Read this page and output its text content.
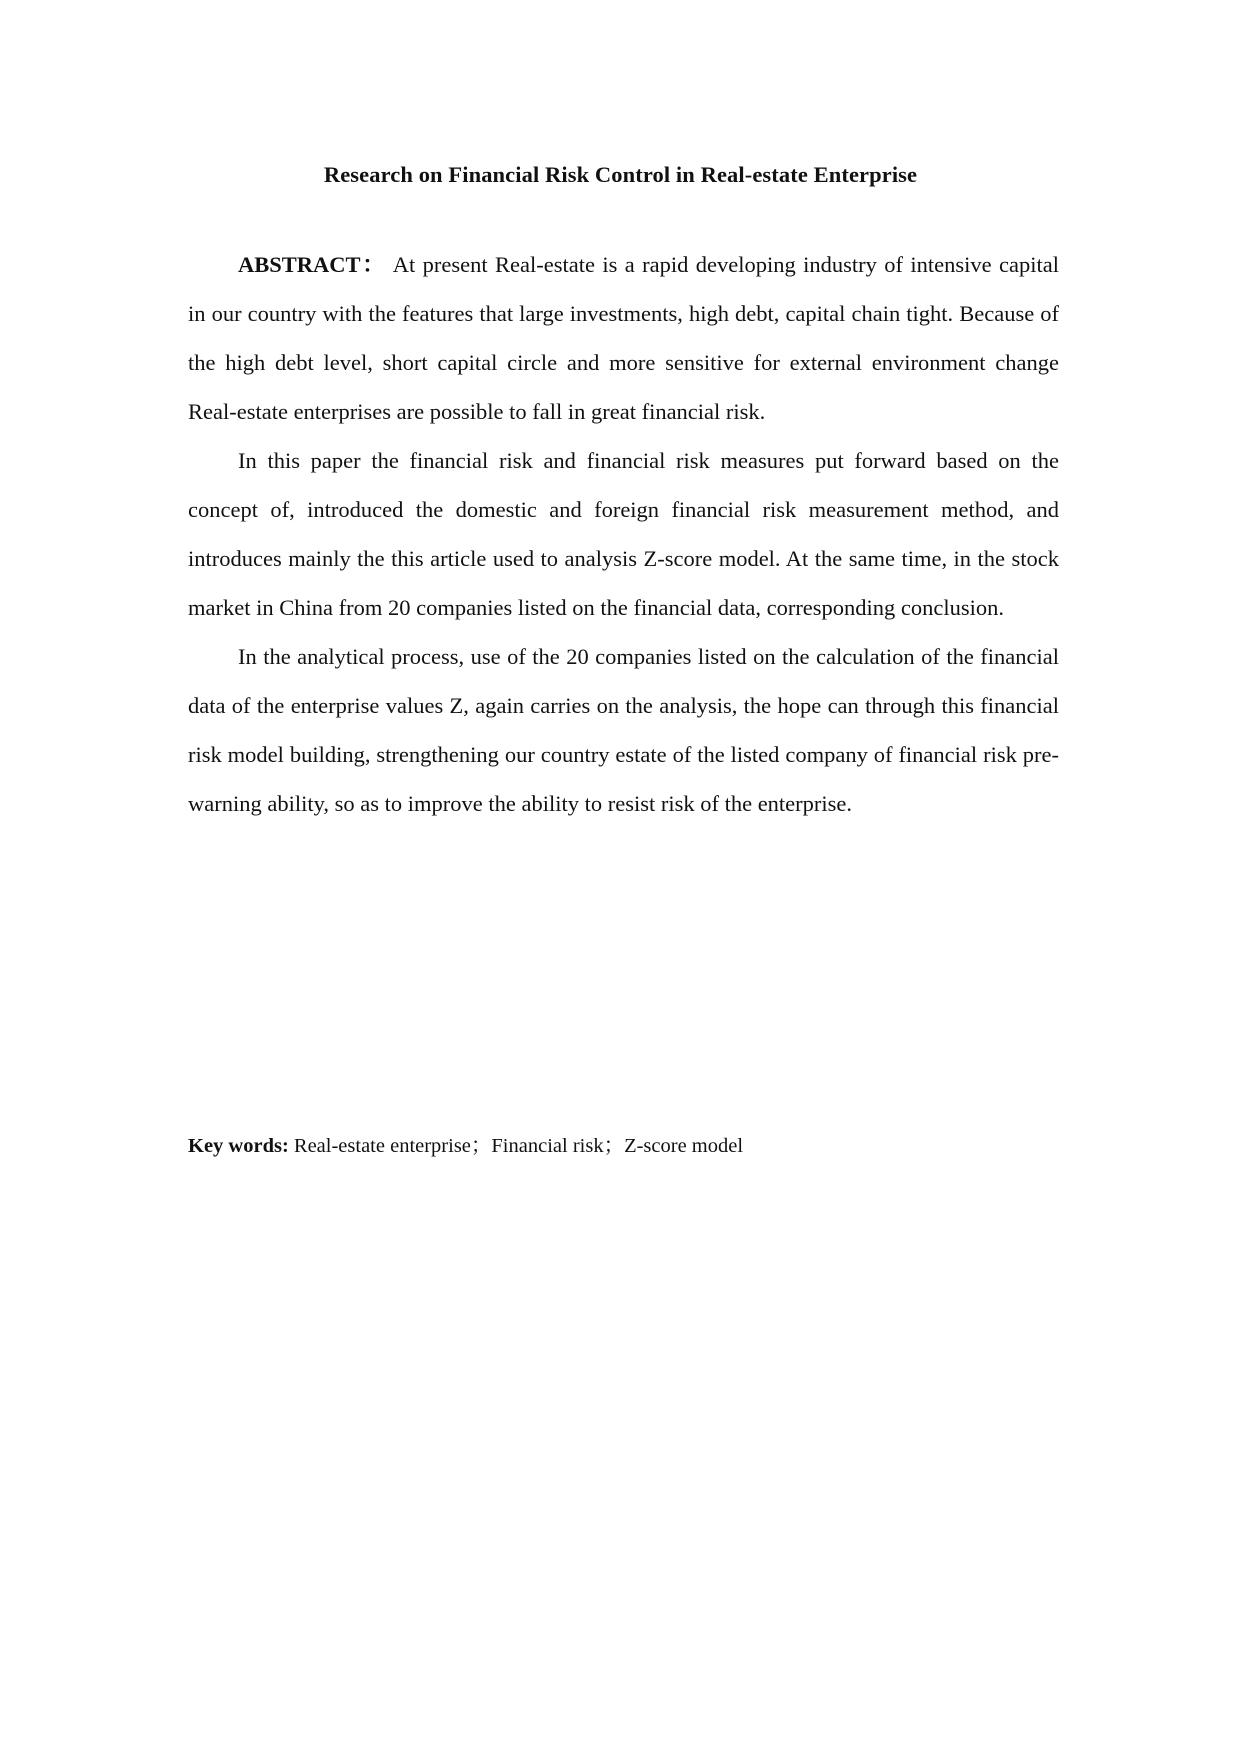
Research on Financial Risk Control in Real-estate Enterprise

ABSTRACT： At present Real-estate is a rapid developing industry of intensive capital in our country with the features that large investments, high debt, capital chain tight. Because of the high debt level, short capital circle and more sensitive for external environment change Real-estate enterprises are possible to fall in great financial risk.

In this paper the financial risk and financial risk measures put forward based on the concept of, introduced the domestic and foreign financial risk measurement method, and introduces mainly the this article used to analysis Z-score model. At the same time, in the stock market in China from 20 companies listed on the financial data, corresponding conclusion.

In the analytical process, use of the 20 companies listed on the calculation of the financial data of the enterprise values Z, again carries on the analysis, the hope can through this financial risk model building, strengthening our country estate of the listed company of financial risk pre-warning ability, so as to improve the ability to resist risk of the enterprise.

Key words: Real-estate enterprise；Financial risk；Z-score model
